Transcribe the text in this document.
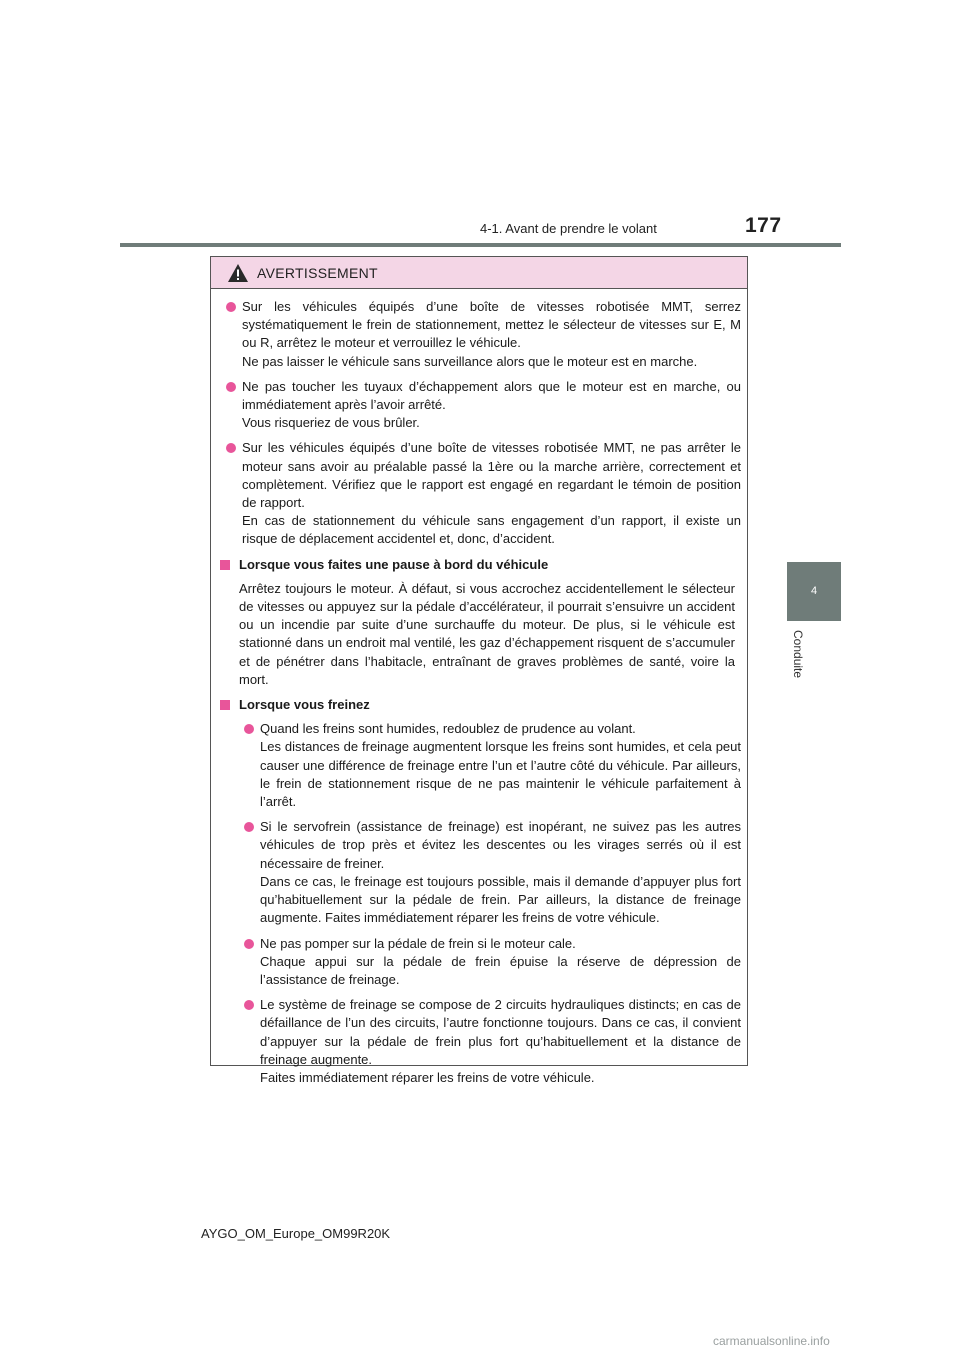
4-1. Avant de prendre le volant	177
4
Conduite
AVERTISSEMENT
Sur les véhicules équipés d’une boîte de vitesses robotisée MMT, serrez systématiquement le frein de stationnement, mettez le sélecteur de vitesses sur E, M ou R, arrêtez le moteur et verrouillez le véhicule.
Ne pas laisser le véhicule sans surveillance alors que le moteur est en marche.
Ne pas toucher les tuyaux d’échappement alors que le moteur est en marche, ou immédiatement après l’avoir arrêté.
Vous risqueriez de vous brûler.
Sur les véhicules équipés d’une boîte de vitesses robotisée MMT, ne pas arrêter le moteur sans avoir au préalable passé la 1ère ou la marche arrière, correctement et complètement. Vérifiez que le rapport est engagé en regardant le témoin de position de rapport.
En cas de stationnement du véhicule sans engagement d’un rapport, il existe un risque de déplacement accidentel et, donc, d’accident.
Lorsque vous faites une pause à bord du véhicule
Arrêtez toujours le moteur. À défaut, si vous accrochez accidentellement le sélecteur de vitesses ou appuyez sur la pédale d’accélérateur, il pourrait s’ensuivre un accident ou un incendie par suite d’une surchauffe du moteur. De plus, si le véhicule est stationné dans un endroit mal ventilé, les gaz d’échappement risquent de s’accumuler et de pénétrer dans l’habitacle, entraînant de graves problèmes de santé, voire la mort.
Lorsque vous freinez
Quand les freins sont humides, redoublez de prudence au volant.
Les distances de freinage augmentent lorsque les freins sont humides, et cela peut causer une différence de freinage entre l’un et l’autre côté du véhicule. Par ailleurs, le frein de stationnement risque de ne pas maintenir le véhicule parfaitement à l’arrêt.
Si le servofrein (assistance de freinage) est inopérant, ne suivez pas les autres véhicules de trop près et évitez les descentes ou les virages serrés où il est nécessaire de freiner.
Dans ce cas, le freinage est toujours possible, mais il demande d’appuyer plus fort qu’habituellement sur la pédale de frein. Par ailleurs, la distance de freinage augmente. Faites immédiatement réparer les freins de votre véhicule.
Ne pas pomper sur la pédale de frein si le moteur cale.
Chaque appui sur la pédale de frein épuise la réserve de dépression de l’assistance de freinage.
Le système de freinage se compose de 2 circuits hydrauliques distincts; en cas de défaillance de l’un des circuits, l’autre fonctionne toujours. Dans ce cas, il convient d’appuyer sur la pédale de frein plus fort qu’habituellement et la distance de freinage augmente.
Faites immédiatement réparer les freins de votre véhicule.
AYGO_OM_Europe_OM99R20K
carmanualsonline.info
